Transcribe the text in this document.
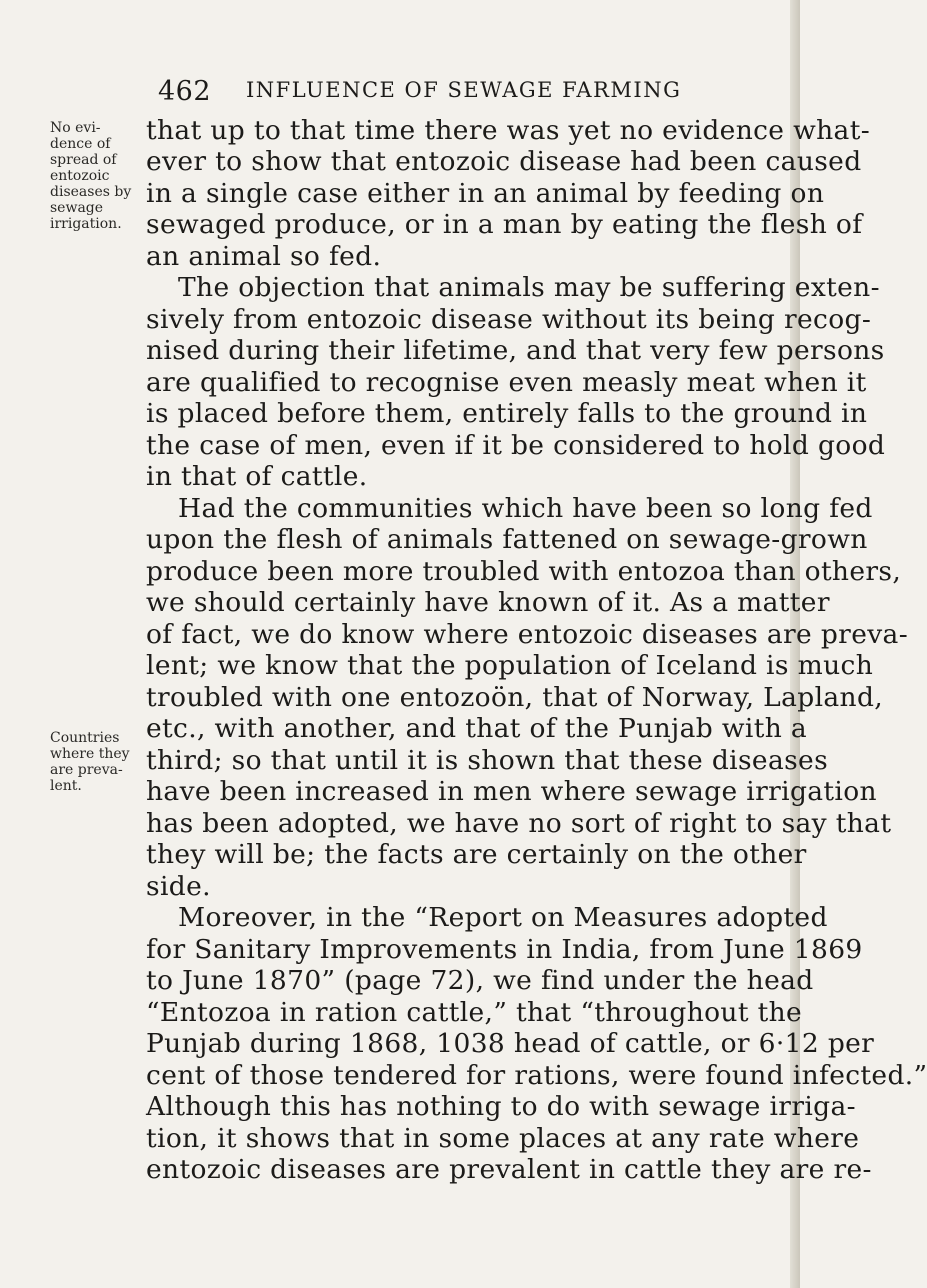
462 INFLUENCE OF SEWAGE FARMING
No evi-
dence of
spread of
entozoic
diseases by
sewage
irrigation.
Countries
where they
are preva-
lent.
that up to that time there was yet no evidence what-
ever to show that entozoic disease had been caused
in a single case either in an animal by feeding on
sewaged produce, or in a man by eating the flesh of
an animal so fed.
The objection that animals may be suffering exten-
sively from entozoic disease without its being recog-
nised during their lifetime, and that very few persons
are qualified to recognise even measly meat when it
is placed before them, entirely falls to the ground in
the case of men, even if it be considered to hold good
in that of cattle.
Had the communities which have been so long fed
upon the flesh of animals fattened on sewage-grown
produce been more troubled with entozoa than others,
we should certainly have known of it. As a matter
of fact, we do know where entozoic diseases are preva-
lent; we know that the population of Iceland is much
troubled with one entozoön, that of Norway, Lapland,
etc., with another, and that of the Punjab with a
third; so that until it is shown that these diseases
have been increased in men where sewage irrigation
has been adopted, we have no sort of right to say that
they will be; the facts are certainly on the other
side.
Moreover, in the “Report on Measures adopted
for Sanitary Improvements in India, from June 1869
to June 1870” (page 72), we find under the head
“Entozoa in ration cattle,” that “throughout the
Punjab during 1868, 1038 head of cattle, or 6·12 per
cent of those tendered for rations, were found infected.”
Although this has nothing to do with sewage irriga-
tion, it shows that in some places at any rate where
entozoic diseases are prevalent in cattle they are re-
